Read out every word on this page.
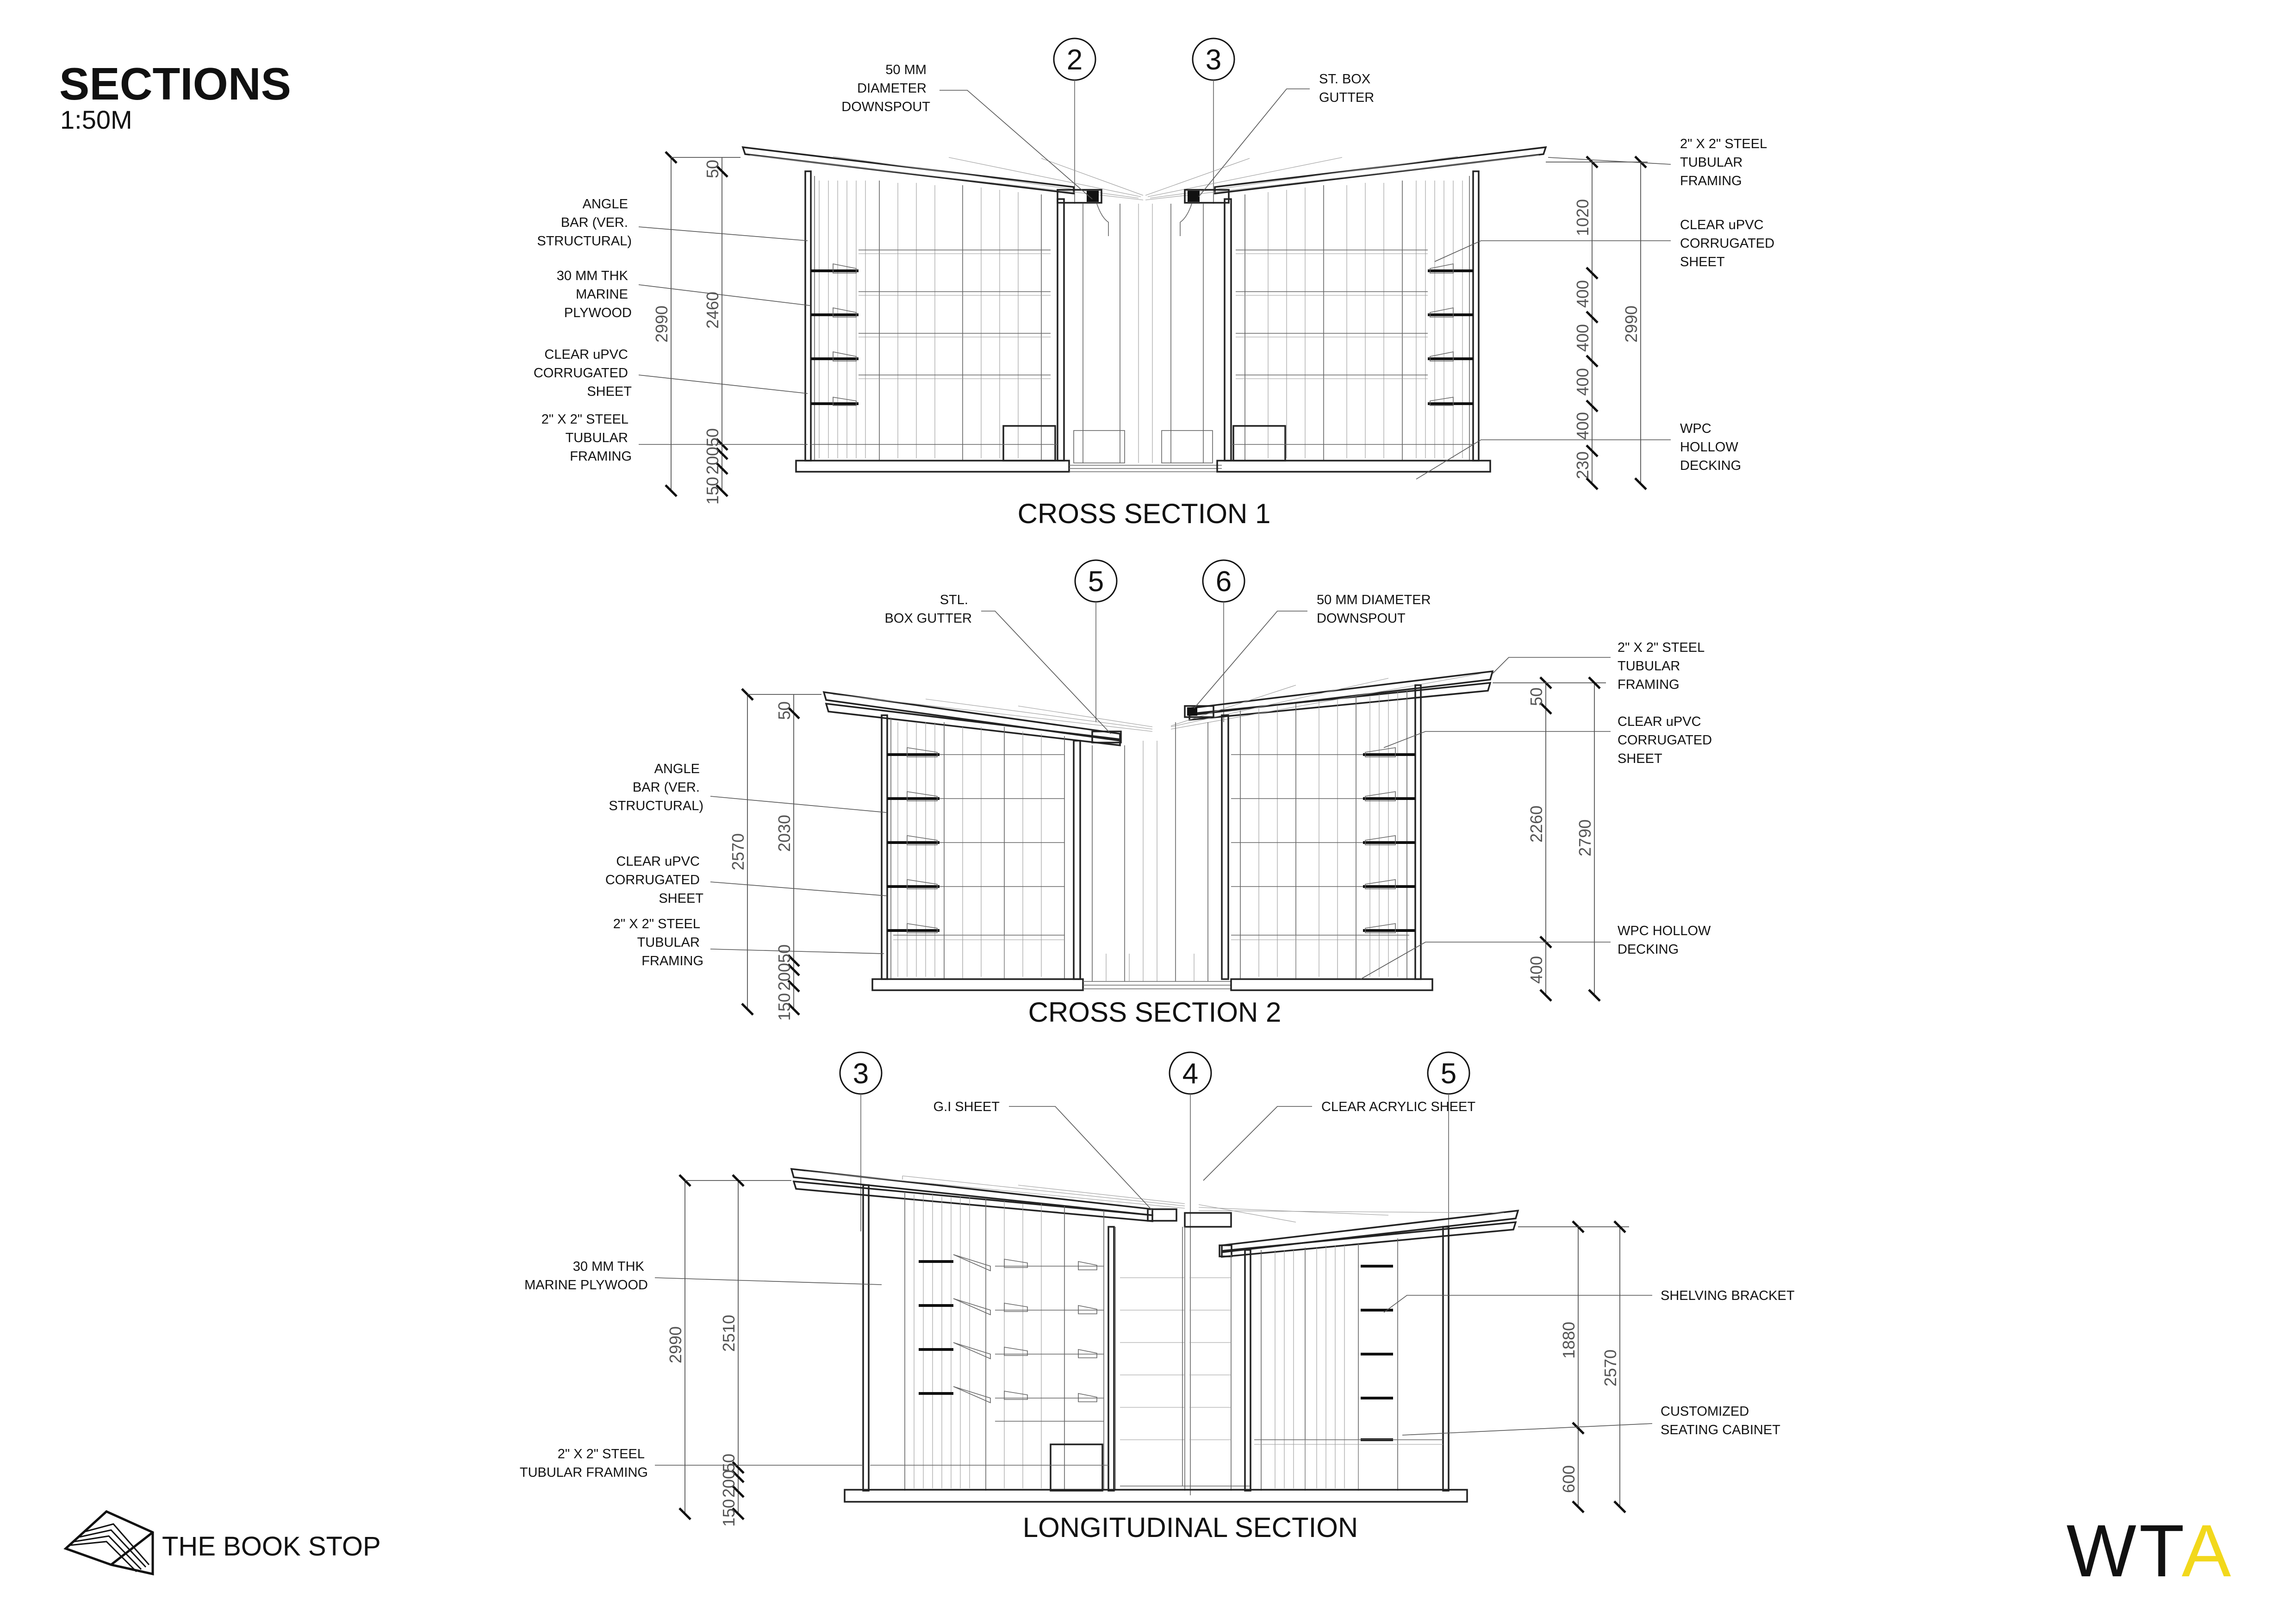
SECTIONS
1:50M
2	3
2990
50
2460
50
200
150
1020
400
400
400
400
230
2990
50 MM DIAMETER DOWNSPOUT
ST. BOX GUTTER
ANGLE BAR (VER. STRUCTURAL)
30 MM THK MARINE PLYWOOD
CLEAR uPVC CORRUGATED SHEET
2" X 2" STEEL TUBULAR FRAMING
2" X 2" STEEL TUBULAR FRAMING
CLEAR uPVC CORRUGATED SHEET
WPC HOLLOW DECKING
CROSS SECTION 1
5	6
2570
50
2030
50
200
150
50
2260
400
2790
STL. BOX GUTTER
50 MM DIAMETER DOWNSPOUT
2" X 2" STEEL TUBULAR FRAMING
CLEAR uPVC CORRUGATED SHEET
WPC HOLLOW DECKING
ANGLE BAR (VER. STRUCTURAL)
CLEAR uPVC CORRUGATED SHEET
2" X 2" STEEL TUBULAR FRAMING
CROSS SECTION 2
3	4	5
2990 2510
50
200
150
1880
600
2570
G.I SHEET	CLEAR ACRYLIC SHEET
30 MM THK MARINE PLYWOOD
2" X 2" STEEL TUBULAR FRAMING
SHELVING BRACKET
CUSTOMIZED SEATING CABINET
LONGITUDINAL SECTION
THE BOOK STOP	WTA
